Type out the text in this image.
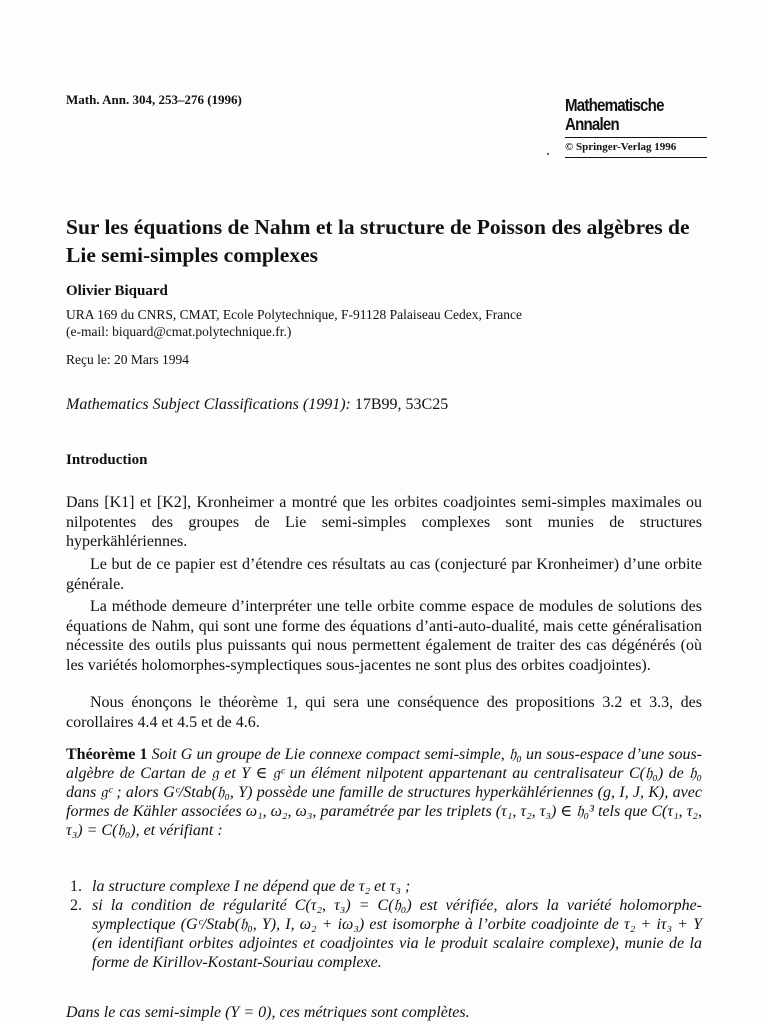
Math. Ann. 304, 253–276 (1996)	Mathematische
Annalen
© Springer-Verlag 1996
Sur les équations de Nahm et la structure de Poisson des algèbres de Lie semi-simples complexes
Olivier Biquard
URA 169 du CNRS, CMAT, Ecole Polytechnique, F-91128 Palaiseau Cedex, France
(e-mail: biquard@cmat.polytechnique.fr.)
Reçu le: 20 Mars 1994
Mathematics Subject Classifications (1991): 17B99, 53C25
Introduction
Dans [K1] et [K2], Kronheimer a montré que les orbites coadjointes semi-simples maximales ou nilpotentes des groupes de Lie semi-simples complexes sont munies de structures hyperkählériennes.
Le but de ce papier est d’étendre ces résultats au cas (conjecturé par Kronheimer) d’une orbite générale.
La méthode demeure d’interpréter une telle orbite comme espace de modules de solutions des équations de Nahm, qui sont une forme des équations d’anti-auto-dualité, mais cette généralisation nécessite des outils plus puissants qui nous permettent également de traiter des cas dégénérés (où les variétés holomorphes-symplectiques sous-jacentes ne sont plus des orbites coadjointes).
Nous énonçons le théorème 1, qui sera une conséquence des propositions 3.2 et 3.3, des corollaires 4.4 et 4.5 et de 4.6.
Théorème 1 Soit G un groupe de Lie connexe compact semi-simple, 𝔥₀ un sous-espace d’une sous-algèbre de Cartan de 𝔤 et Y ∈ 𝔤ᶜ un élément nilpotent appartenant au centralisateur C(𝔥₀) de 𝔥₀ dans 𝔤ᶜ ; alors Gᶜ/Stab(𝔥₀, Y) possède une famille de structures hyperkählériennes (g, I, J, K), avec formes de Kähler associées ω₁, ω₂, ω₃, paramétrée par les triplets (τ₁, τ₂, τ₃) ∈ 𝔥₀³ tels que C(τ₁, τ₂, τ₃) = C(𝔥₀), et vérifiant :
1. la structure complexe I ne dépend que de τ₂ et τ₃ ;
2. si la condition de régularité C(τ₂, τ₃) = C(𝔥₀) est vérifiée, alors la variété holomorphe-symplectique (Gᶜ/Stab(𝔥₀, Y), I, ω₂ + iω₃) est isomorphe à l’orbite coadjointe de τ₂ + iτ₃ + Y (en identifiant orbites adjointes et coadjointes via le produit scalaire complexe), munie de la forme de Kirillov-Kostant-Souriau complexe.
Dans le cas semi-simple (Y = 0), ces métriques sont complètes.
